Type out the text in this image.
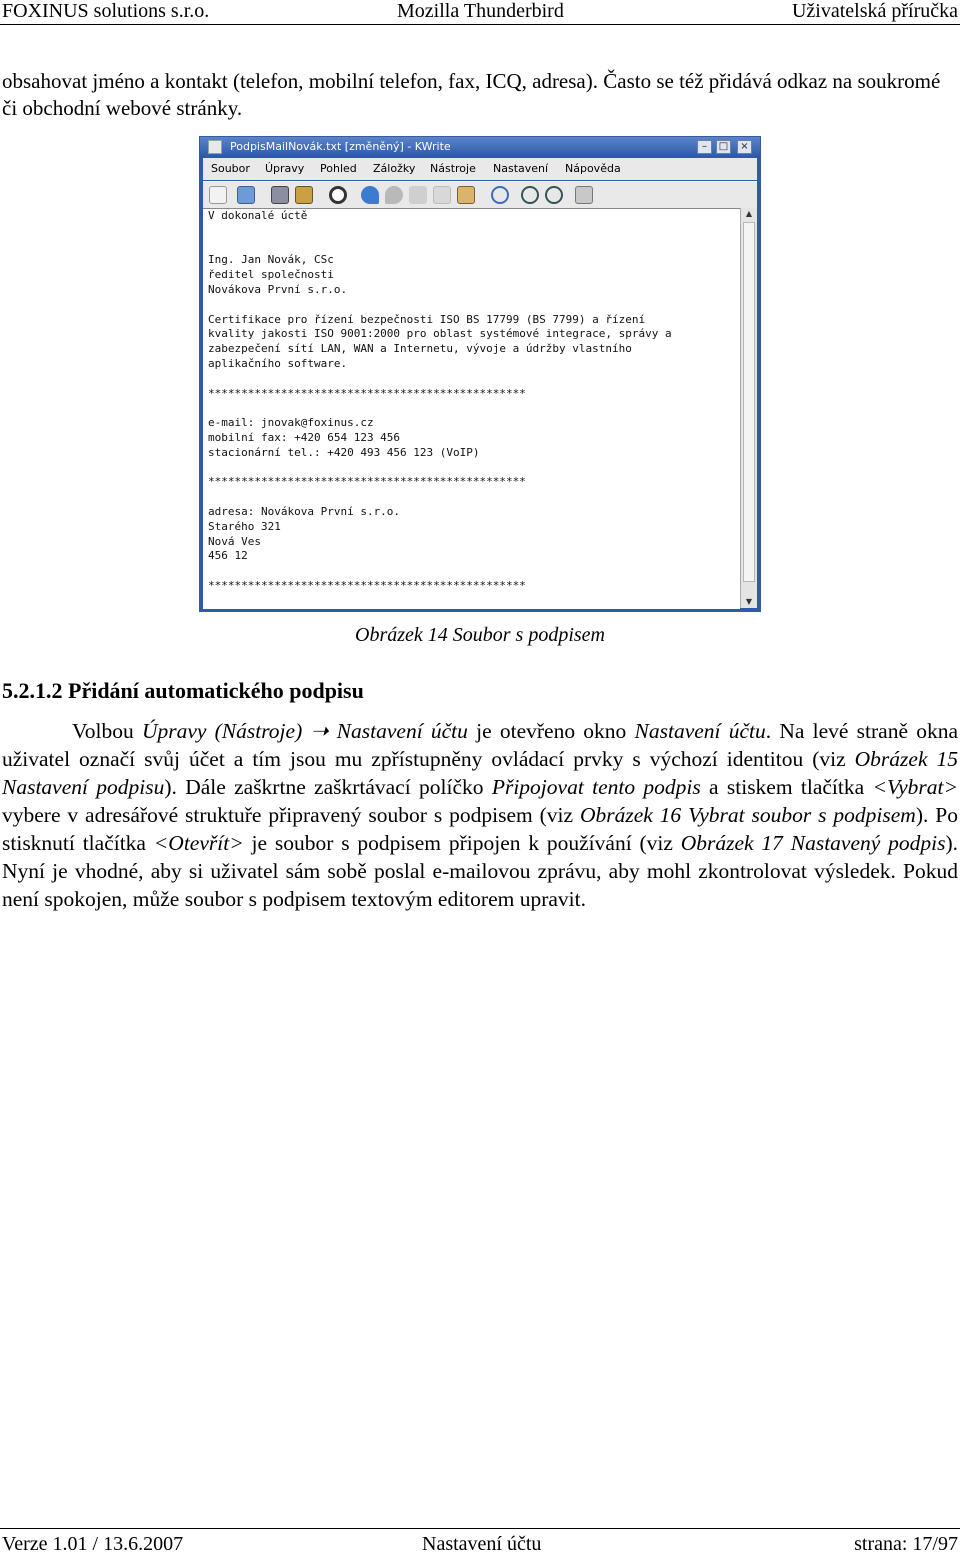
FOXINUS solutions s.r.o.	Mozilla Thunderbird	Uživatelská příručka
obsahovat jméno a kontakt (telefon, mobilní telefon, fax, ICQ, adresa). Často se též přidává odkaz na soukromé či obchodní webové stránky.
PodpisMailNovák.txt [změněný] - KWrite	–	□	×
Soubor Úpravy Pohled Záložky Nástroje Nastavení Nápověda
V dokonalé úctě

Ing. Jan Novák, CSc
ředitel společnosti
Novákova První s.r.o.

Certifikace pro řízení bezpečnosti ISO BS 17799 (BS 7799) a řízení
kvality jakosti ISO 9001:2000 pro oblast systémové integrace, správy a
zabezpečení sítí LAN, WAN a Internetu, vývoje a údržby vlastního
aplikačního software.

************************************************

e-mail: jnovak@foxinus.cz
mobilní fax: +420 654 123 456
stacionární tel.: +420 493 456 123 (VoIP)

************************************************

adresa: Novákova První s.r.o.
Starého 321
Nová Ves
456 12

************************************************
▲
▼
Obrázek 14 Soubor s podpisem
5.2.1.2 Přidání automatického podpisu
Volbou Úpravy (Nástroje) ➝ Nastavení účtu je otevřeno okno Nastavení účtu. Na levé straně okna uživatel označí svůj účet a tím jsou mu zpřístupněny ovládací prvky s výchozí identitou (viz Obrázek 15 Nastavení podpisu). Dále zaškrtne zaškrtávací políčko Připojovat tento podpis a stiskem tlačítka <Vybrat> vybere v adresářové struktuře připravený soubor s podpisem (viz Obrázek 16 Vybrat soubor s podpisem). Po stisknutí tlačítka <Otevřít> je soubor s podpisem připojen k používání (viz Obrázek 17 Nastavený podpis). Nyní je vhodné, aby si uživatel sám sobě poslal e-mailovou zprávu, aby mohl zkontrolovat výsledek. Pokud není spokojen, může soubor s podpisem textovým editorem upravit.
Verze 1.01 / 13.6.2007	Nastavení účtu	strana: 17/97
